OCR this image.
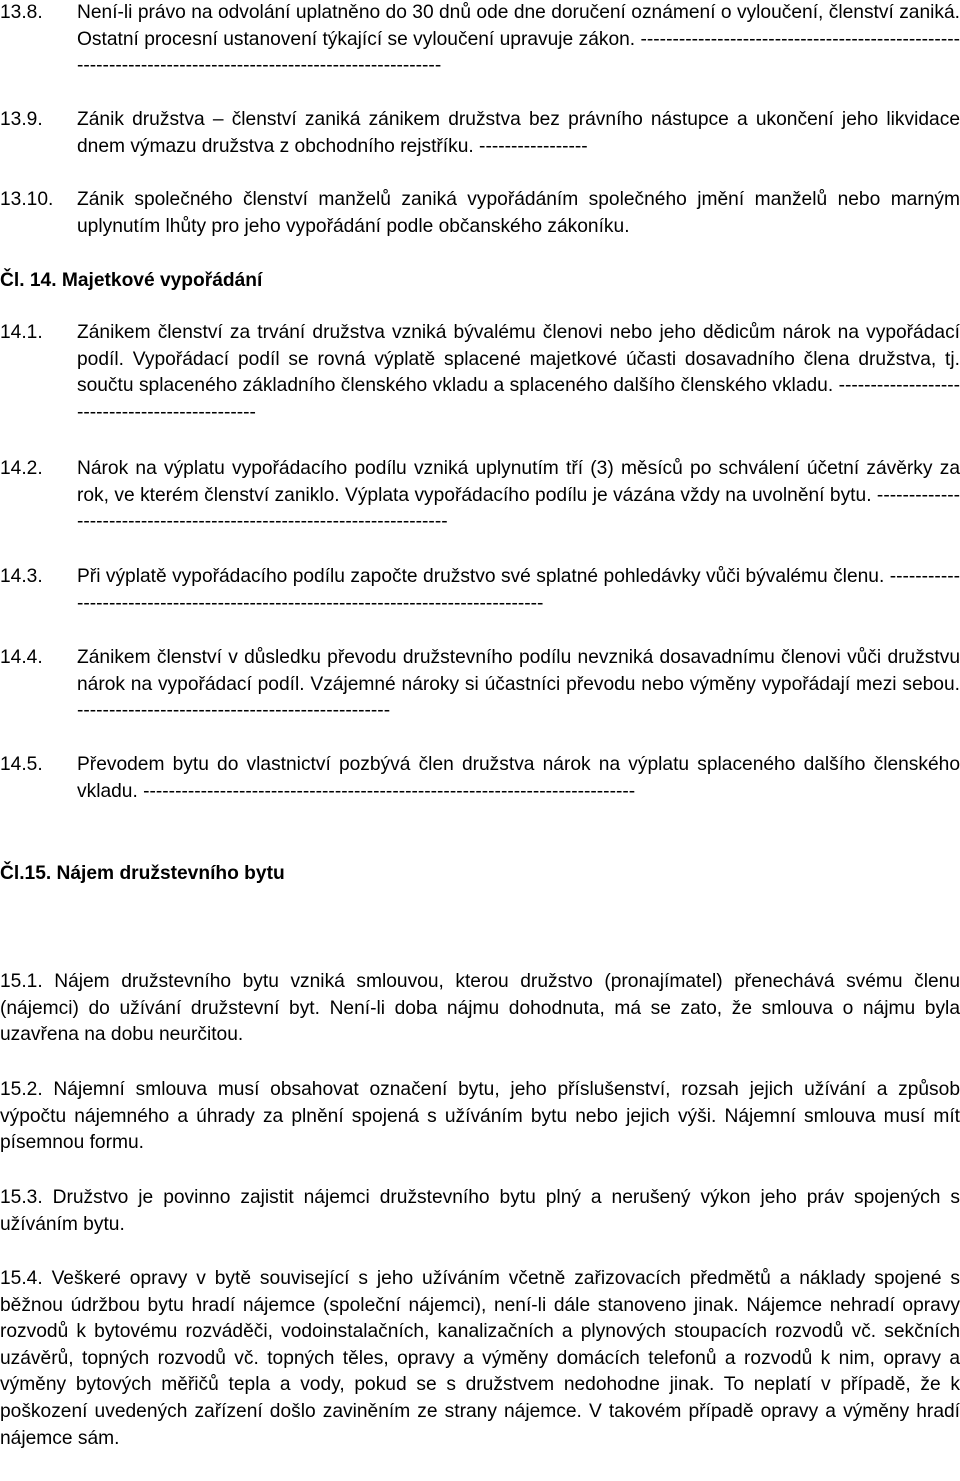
13.8. Není-li právo na odvolání uplatněno do 30 dnů ode dne doručení oznámení o vyloučení, členství zaniká. Ostatní procesní ustanovení týkající se vyloučení upravuje zákon. -----------------------------------------------------------------------------------------------------------
13.9. Zánik družstva – členství zaniká zánikem družstva bez právního nástupce a ukončení jeho likvidace dnem výmazu družstva z obchodního rejstříku. -----------------
13.10. Zánik společného členství manželů zaniká vypořádáním společného jmění manželů nebo marným uplynutím lhůty pro jeho vypořádání podle občanského zákoníku.
Čl. 14. Majetkové vypořádání
14.1. Zánikem členství za trvání družstva vzniká bývalému členovi nebo jeho dědicům nárok na vypořádací podíl. Vypořádací podíl se rovná výplatě splacené majetkové účasti dosavadního člena družstva, tj. součtu splaceného základního členského vkladu a splaceného dalšího členského vkladu. -----------------------------------------------
14.2. Nárok na výplatu vypořádacího podílu vzniká uplynutím tří (3) měsíců po schválení účetní závěrky za rok, ve kterém členství zaniklo. Výplata vypořádacího podílu je vázána vždy na uvolnění bytu. -----------------------------------------------------------------------
14.3. Při výplatě vypořádacího podílu započte družstvo své splatné pohledávky vůči bývalému členu. ------------------------------------------------------------------------------------
14.4. Zánikem členství v důsledku převodu družstevního podílu nevzniká dosavadnímu členovi vůči družstvu nárok na vypořádací podíl. Vzájemné nároky si účastníci převodu nebo výměny vypořádají mezi sebou. -------------------------------------------------
14.5. Převodem bytu do vlastnictví pozbývá člen družstva nárok na výplatu splaceného dalšího členského vkladu. -----------------------------------------------------------------------------
Čl.15. Nájem družstevního bytu
15.1. Nájem družstevního bytu vzniká smlouvou, kterou družstvo (pronajímatel) přenechává svému členu (nájemci) do užívání družstevní byt. Není-li doba nájmu dohodnuta, má se zato, že smlouva o nájmu byla uzavřena na dobu neurčitou.
15.2. Nájemní smlouva musí obsahovat označení bytu, jeho příslušenství, rozsah jejich užívání a způsob výpočtu nájemného a úhrady za plnění spojená s užíváním bytu nebo jejich výši. Nájemní smlouva musí mít písemnou formu.
15.3. Družstvo je povinno zajistit nájemci družstevního bytu plný a nerušený výkon jeho práv spojených s užíváním bytu.
15.4. Veškeré opravy v bytě související s jeho užíváním včetně zařizovacích předmětů a náklady spojené s běžnou údržbou bytu hradí nájemce (společní nájemci), není-li dále stanoveno jinak. Nájemce nehradí opravy rozvodů k bytovému rozváděči, vodoinstalačních, kanalizačních a plynových stoupacích rozvodů vč. sekčních uzávěrů, topných rozvodů vč. topných těles, opravy a výměny domácích telefonů a rozvodů k nim, opravy a výměny bytových měřičů tepla a vody, pokud se s družstvem nedohodne jinak. To neplatí v případě, že k poškození uvedených zařízení došlo zaviněním ze strany nájemce. V takovém případě opravy a výměny hradí nájemce sám.
